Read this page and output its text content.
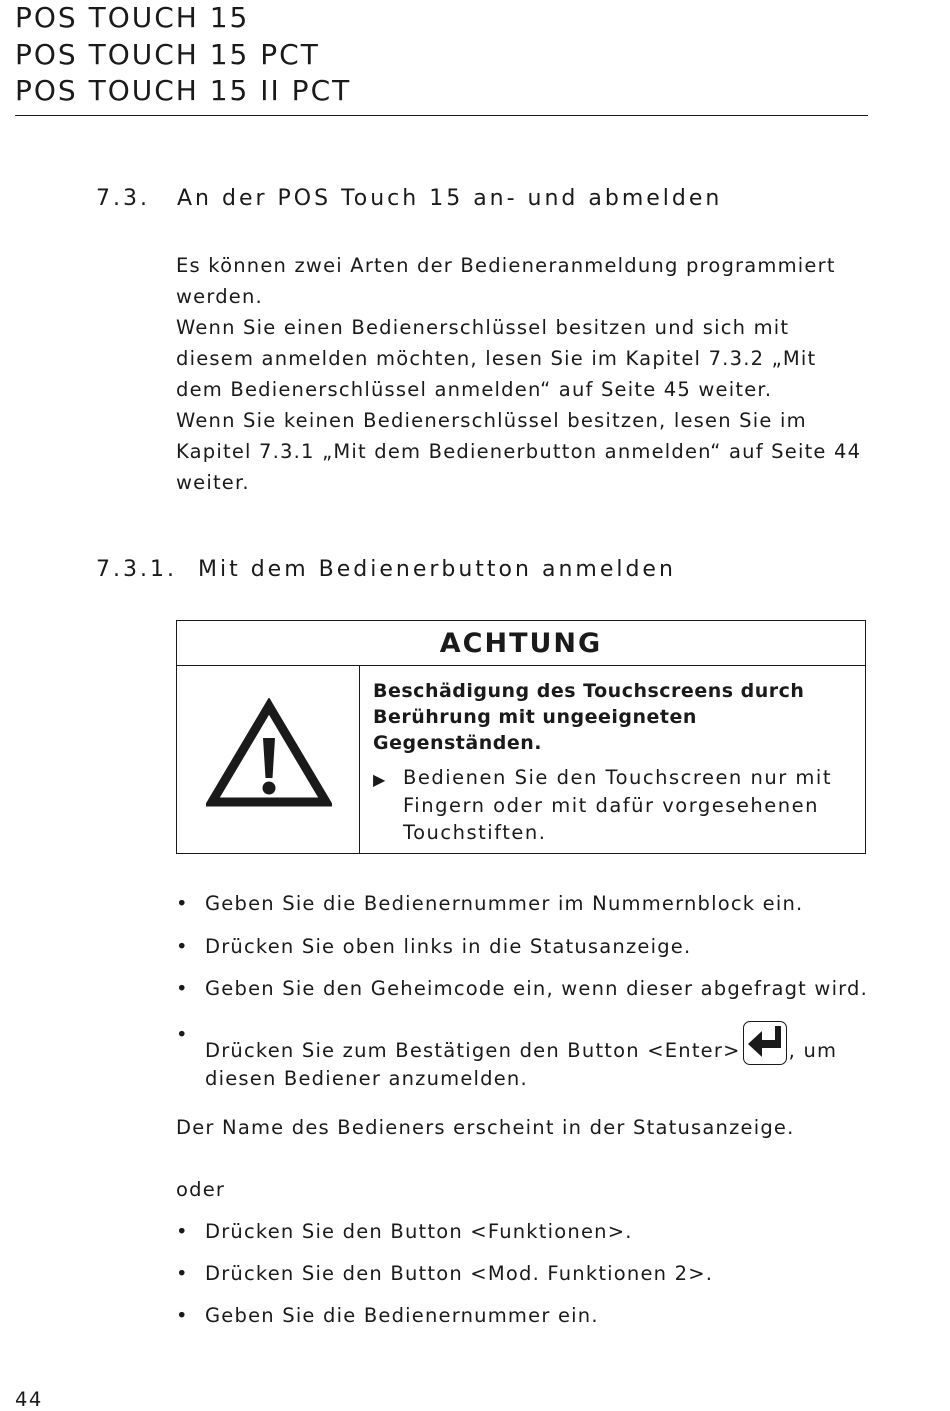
POS TOUCH 15
POS TOUCH 15 PCT
POS TOUCH 15 II PCT
7.3. An der POS Touch 15 an- und abmelden

Es können zwei Arten der Bedieneranmeldung programmiert werden.

Wenn Sie einen Bedienerschlüssel besitzen und sich mit diesem anmelden möchten, lesen Sie im Kapitel 7.3.2 „Mit dem Bedienerschlüssel anmelden“ auf Seite 45 weiter.

Wenn Sie keinen Bedienerschlüssel besitzen, lesen Sie im Kapitel 7.3.1 „Mit dem Bedienerbutton anmelden“ auf Seite 44 weiter.

7.3.1. Mit dem Bedienerbutton anmelden
ACHTUNG
Beschädigung des Touchscreens durch Berührung mit ungeeigneten Gegenständen.
▶ Bedienen Sie den Touchscreen nur mit Fingern oder mit dafür vorgesehenen Touchstiften.
• Geben Sie die Bedienernummer im Nummernblock ein.
• Drücken Sie oben links in die Statusanzeige.
• Geben Sie den Geheimcode ein, wenn dieser abgefragt wird.
•
Drücken Sie zum Bestätigen den Button <Enter> , um diesen Bediener anzumelden.
Der Name des Bedieners erscheint in der Statusanzeige.
oder
• Drücken Sie den Button <Funktionen>.
• Drücken Sie den Button <Mod. Funktionen 2>.
• Geben Sie die Bedienernummer ein.
44
